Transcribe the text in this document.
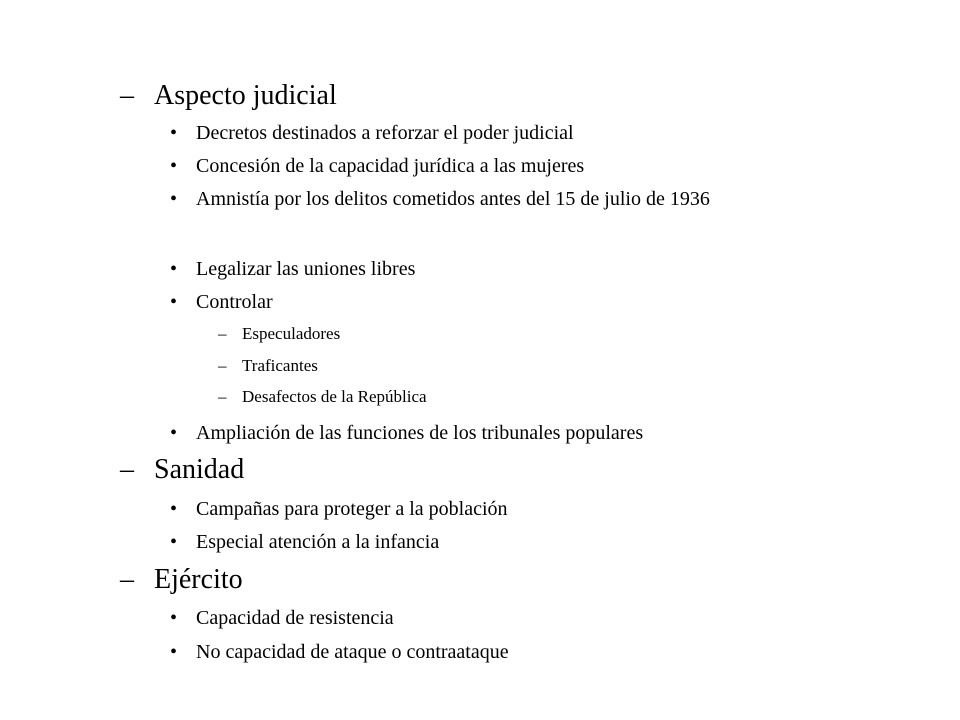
– Aspecto judicial
• Decretos destinados a reforzar el poder judicial
• Concesión de la capacidad jurídica a las mujeres
• Amnistía por los delitos cometidos antes del 15 de julio de 1936
• Legalizar las uniones libres
• Controlar
– Especuladores
– Traficantes
– Desafectos de la República
• Ampliación de las funciones de los tribunales populares
– Sanidad
• Campañas para proteger a la población
• Especial atención a la infancia
– Ejército
• Capacidad de resistencia
• No capacidad de ataque o contraataque
